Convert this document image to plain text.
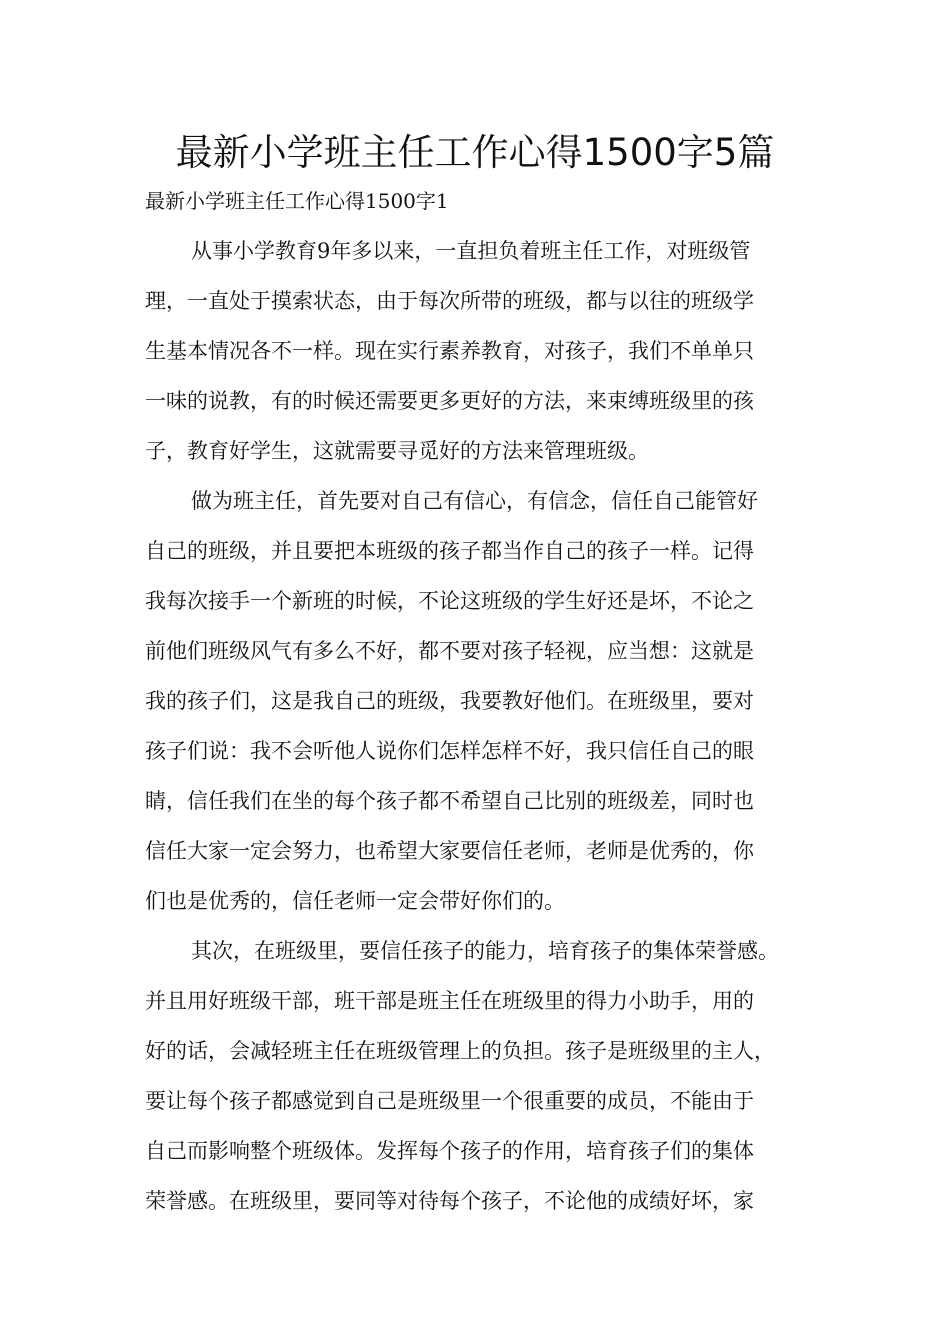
最新小学班主任工作心得1500字5篇
最新小学班主任工作心得1500字1
从事小学教育9年多以来，一直担负着班主任工作，对班级管
理，一直处于摸索状态，由于每次所带的班级，都与以往的班级学
生基本情况各不一样。现在实行素养教育，对孩子，我们不单单只
一味的说教，有的时候还需要更多更好的方法，来束缚班级里的孩
子，教育好学生，这就需要寻觅好的方法来管理班级。
做为班主任，首先要对自己有信心，有信念，信任自己能管好
自己的班级，并且要把本班级的孩子都当作自己的孩子一样。记得
我每次接手一个新班的时候，不论这班级的学生好还是坏，不论之
前他们班级风气有多么不好，都不要对孩子轻视，应当想：这就是
我的孩子们，这是我自己的班级，我要教好他们。在班级里，要对
孩子们说：我不会听他人说你们怎样怎样不好，我只信任自己的眼
睛，信任我们在坐的每个孩子都不希望自己比别的班级差，同时也
信任大家一定会努力，也希望大家要信任老师，老师是优秀的，你
们也是优秀的，信任老师一定会带好你们的。
其次，在班级里，要信任孩子的能力，培育孩子的集体荣誉感。
并且用好班级干部，班干部是班主任在班级里的得力小助手，用的
好的话，会减轻班主任在班级管理上的负担。孩子是班级里的主人，
要让每个孩子都感觉到自己是班级里一个很重要的成员，不能由于
自己而影响整个班级体。发挥每个孩子的作用，培育孩子们的集体
荣誉感。在班级里，要同等对待每个孩子，不论他的成绩好坏，家
